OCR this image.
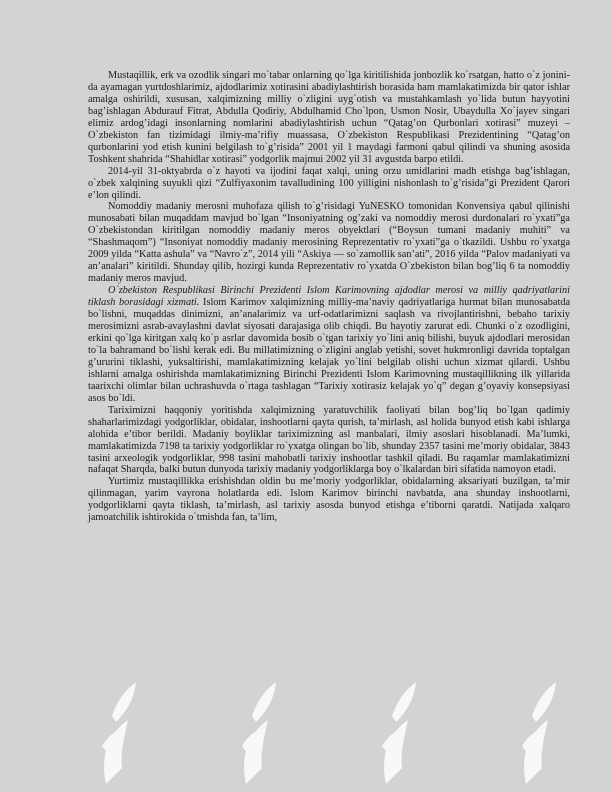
Mustaqillik, erk va ozodlik singari mo`tabar onlarning qo`lga kiritilishida jonbozlik ko`rsatgan, hatto o`z jonini-da ayamagan yurtdoshlarimiz, ajdodlarimiz xotirasini abadiylashtirish borasida ham mamlakatimizda bir qator ishlar amalga oshirildi, xususan, xalqimizning milliy o`zligini uyg`otish va mustahkamlash yo`lida butun hayyotini bag’ishlagan Abdurauf Fitrat, Abdulla Qodiriy, Abdulhamid Cho`lpon, Usmon Nosir, Ubaydulla Xo`jayev singari elimiz ardog’idagi insonlarning nomlarini abadiylashtirish uchun “Qatag’on Qurbonlari xotirasi” muzeyi – O`zbekiston fan tizimidagi ilmiy-ma’rifiy muassasa, O`zbekiston Respublikasi Prezidentining “Qatag’on qurbonlarini yod etish kunini belgilash to`g’risida” 2001 yil 1 maydagi farmoni qabul qilindi va shuning asosida Toshkent shahrida “Shahidlar xotirasi” yodgorlik majmui 2002 yil 31 avgustda barpo etildi.

2014-yil 31-oktyabrda o`z hayoti va ijodini faqat xalqi, uning orzu umidlarini madh etishga bag’ishlagan, o`zbek xalqining suyukli qizi “Zulfiyaxonim tavalludining 100 yilligini nishonlash to`g’risida”gi Prezident Qarori e’lon qilindi.

Nomoddiy madaniy merosni muhofaza qilish to`g’risidagi YuNESKO tomonidan Konvensiya qabul qilinishi munosabati bilan muqaddam mavjud bo`lgan “Insoniyatning og’zaki va nomoddiy merosi durdonalari ro`yxati”ga O`zbekistondan kiritilgan nomoddiy madaniy meros obyektlari (“Boysun tumani madaniy muhiti” va “Shashmaqom”) “Insoniyat nomoddiy madaniy merosining Reprezentativ ro`yxati”ga o`tkazildi. Ushbu ro`yxatga 2009 yilda “Katta ashula” va “Navro`z”, 2014 yili “Askiya — so`zamollik san’ati”, 2016 yilda “Palov madaniyati va an’analari” kiritildi. Shunday qilib, hozirgi kunda Reprezentativ ro`yxatda O`zbekiston bilan bog’liq 6 ta nomoddiy madaniy meros mavjud.

O`zbekiston Respublikasi Birinchi Prezidenti Islom Karimovning ajdodlar merosi va milliy qadriyatlarini tiklash borasidagi xizmati. Islom Karimov xalqimizning milliy-ma’naviy qadriyatlariga hurmat bilan munosabatda bo`lishni, muqaddas dinimizni, an’analarimiz va urf-odatlarimizni saqlash va rivojlantirishni, bebaho tarixiy merosimizni asrab-avaylashni davlat siyosati darajasiga olib chiqdi. Bu hayotiy zarurat edi. Chunki o`z ozodligini, erkini qo`lga kiritgan xalq ko`p asrlar davomida bosib o`tgan tarixiy yo`lini aniq bilishi, buyuk ajdodlari merosidan to`la bahramand bo`lishi kerak edi. Bu millatimizning o`zligini anglab yetishi, sovet hukmronligi davrida toptalgan g’ururini tiklashi, yuksaltirishi, mamlakatimizning kelajak yo`lini belgilab olishi uchun xizmat qilardi. Ushbu ishlarni amalga oshirishda mamlakatimizning Birinchi Prezidenti Islom Karimovning mustaqillikning ilk yillarida taarixchi olimlar bilan uchrashuvda o`rtaga tashlagan “Tarixiy xotirasiz kelajak yo`q” degan g’oyaviy konsepsiyasi asos bo`ldi.

Tariximizni haqqoniy yoritishda xalqimizning yaratuvchilik faoliyati bilan bog’liq bo`lgan qadimiy shaharlarimizdagi yodgorliklar, obidalar, inshootlarni qayta qurish, ta’mirlash, asl holida bunyod etish kabi ishlarga alohida e’tibor berildi. Madaniy boyliklar tariximizning asl manbalari, ilmiy asoslari hisoblanadi. Ma’lumki, mamlakatimizda 7198 ta tarixiy yodgorliklar ro`yxatga olingan bo`lib, shunday 2357 tasini me’moriy obidalar, 3843 tasini arxeologik yodgorliklar, 998 tasini mahobatli tarixiy inshootlar tashkil qiladi. Bu raqamlar mamlakatimizni nafaqat Sharqda, balki butun dunyoda tarixiy madaniy yodgorliklarga boy o`lkalardan biri sifatida namoyon etadi.

Yurtimiz mustaqillikka erishishdan oldin bu me’moriy yodgorliklar, obidalarning aksariyati buzilgan, ta’mir qilinmagan, yarim vayrona holatlarda edi. Islom Karimov birinchi navbatda, ana shunday inshootlarni, yodgorliklarni qayta tiklash, ta’mirlash, asl tarixiy asosda bunyod etishga e’tiborni qaratdi. Natijada xalqaro jamoatchilik ishtirokida o`tmishda fan, ta’lim,
